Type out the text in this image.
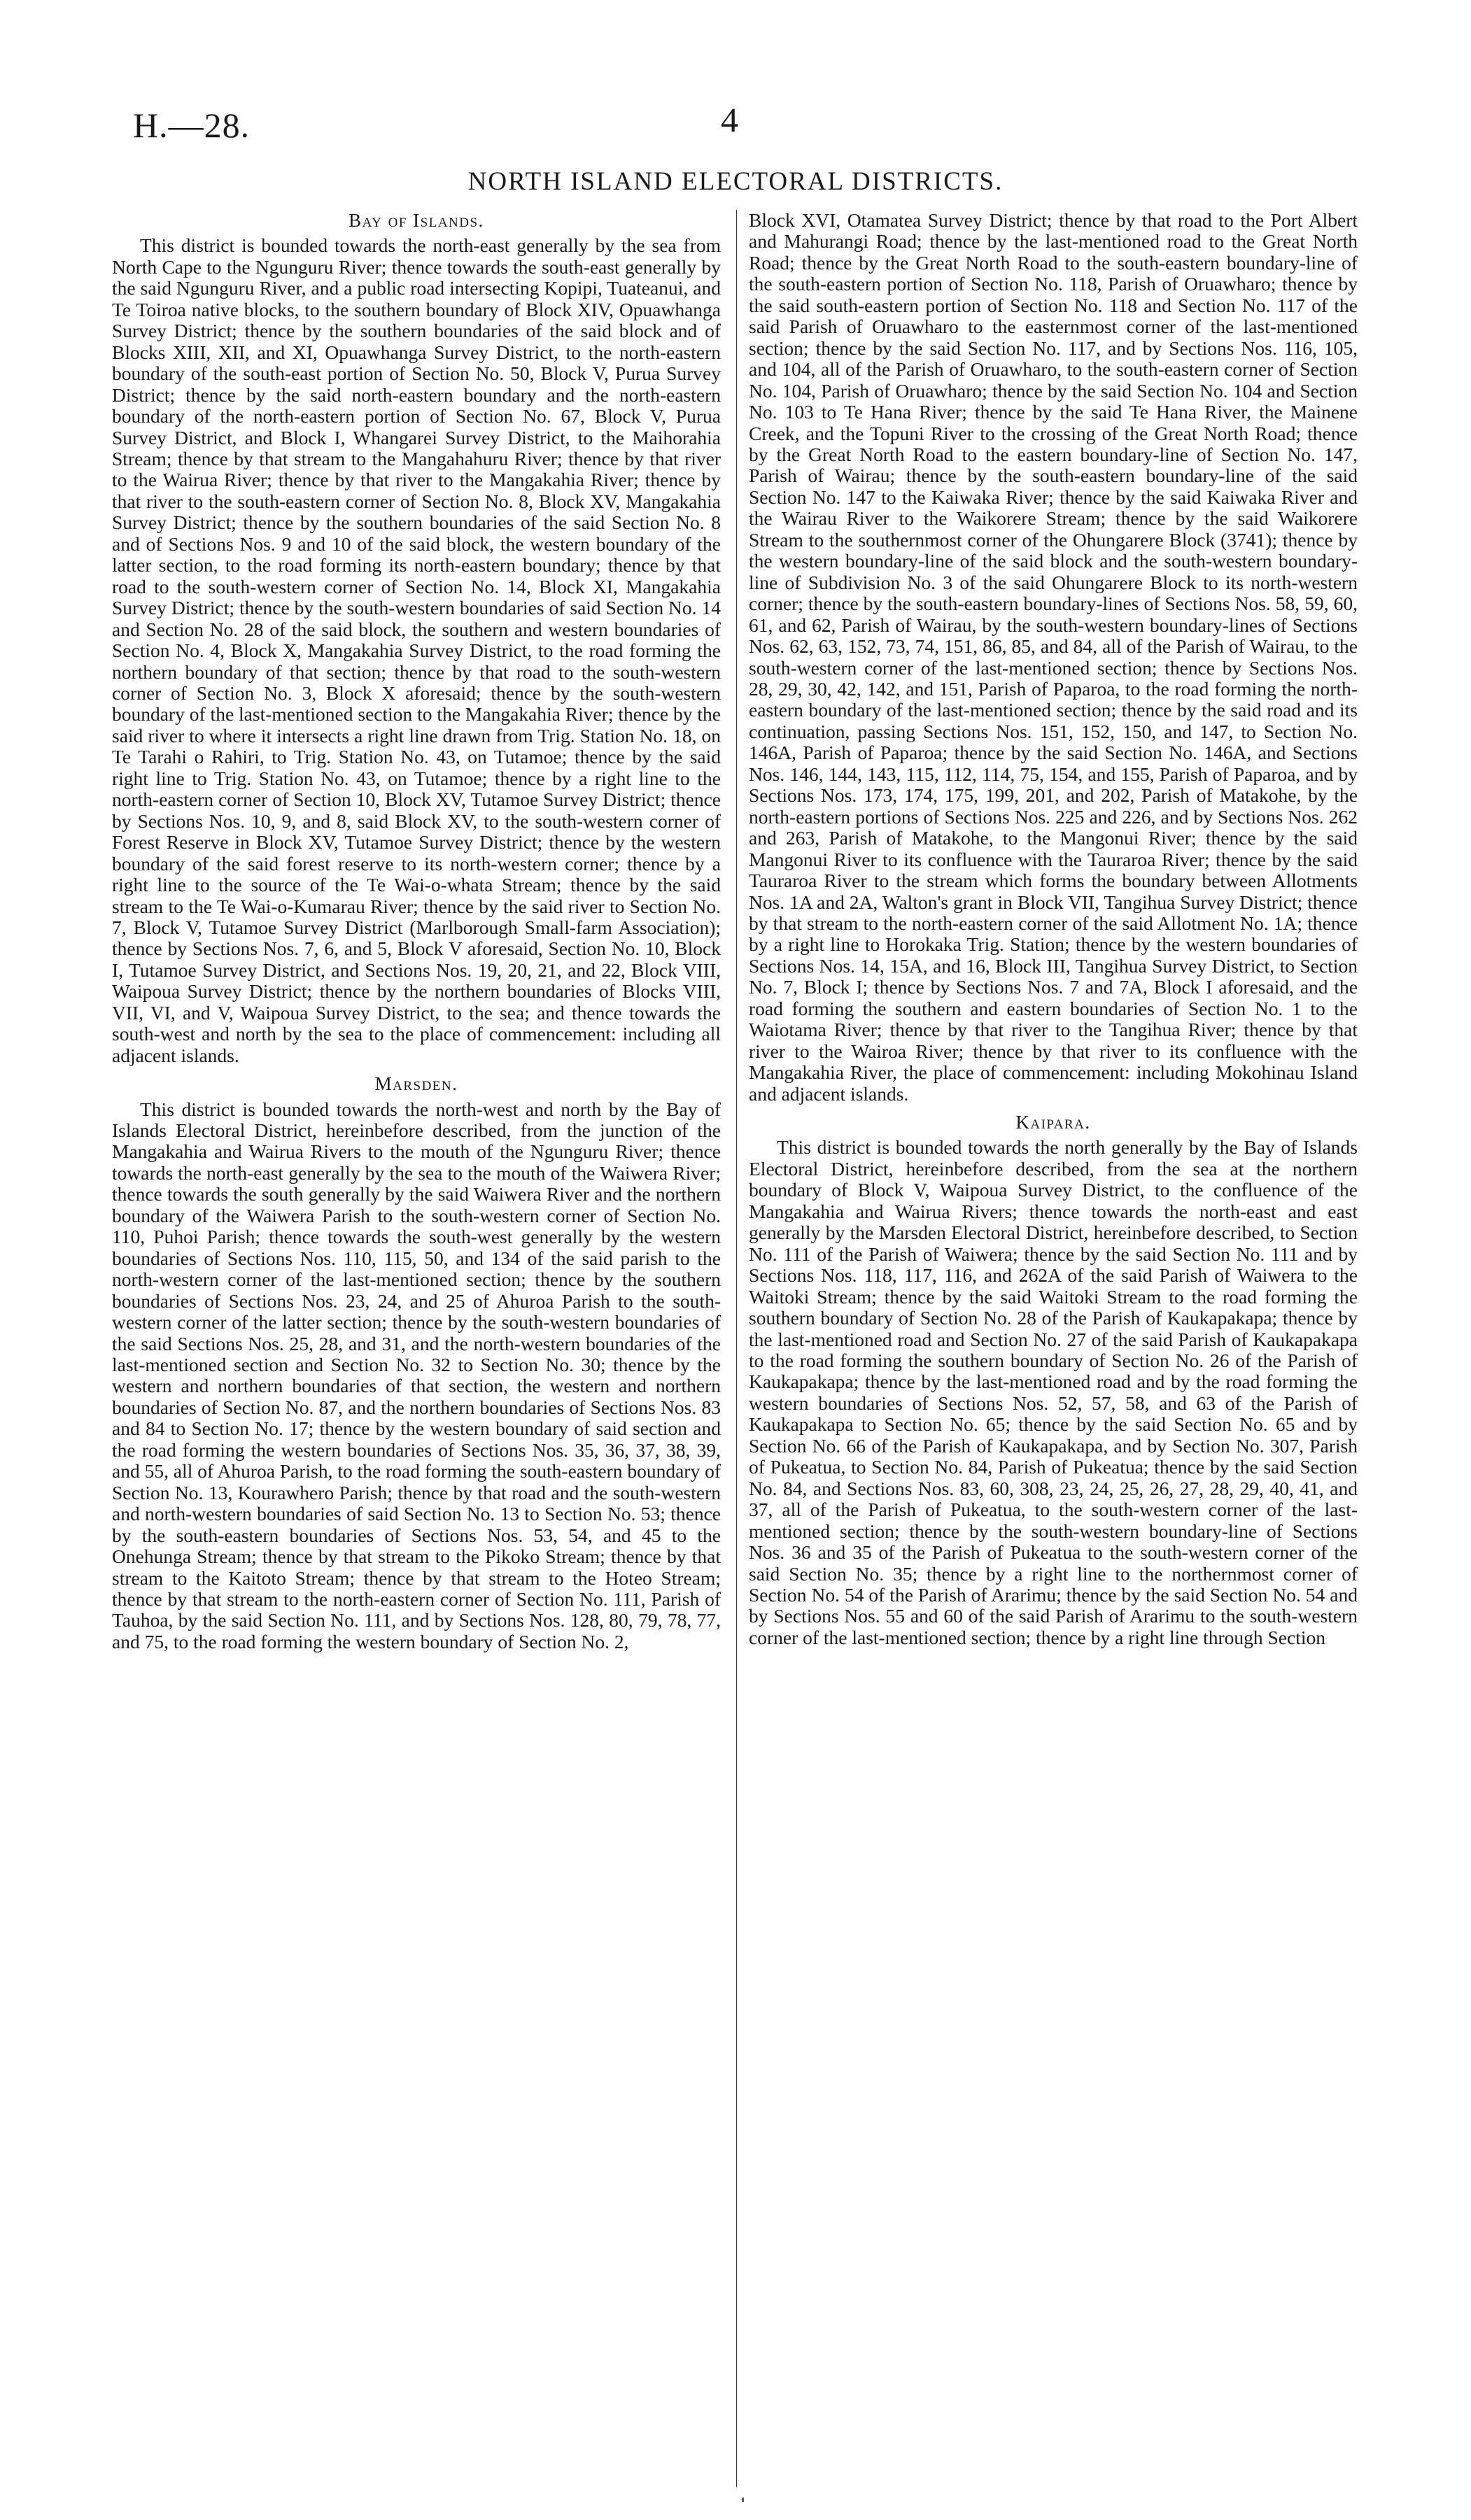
H.—28.	4
NORTH ISLAND ELECTORAL DISTRICTS.
Bay of Islands.

This district is bounded towards the north-east generally by the sea from North Cape to the Ngunguru River; thence towards the south-east generally by the said Ngunguru River, and a public road intersecting Kopipi, Tuateanui, and Te Toiroa native blocks, to the southern boundary of Block XIV, Opuawhanga Survey District; thence by the southern boundaries of the said block and of Blocks XIII, XII, and XI, Opuawhanga Survey District, to the north-eastern boundary of the south-east portion of Section No. 50, Block V, Purua Survey District; thence by the said north-eastern boundary and the north-eastern boundary of the north-eastern portion of Section No. 67, Block V, Purua Survey District, and Block I, Whangarei Survey District, to the Maihorahia Stream; thence by that stream to the Mangahahuru River; thence by that river to the Wairua River; thence by that river to the Mangakahia River; thence by that river to the south-eastern corner of Section No. 8, Block XV, Mangakahia Survey District; thence by the southern boundaries of the said Section No. 8 and of Sections Nos. 9 and 10 of the said block, the western boundary of the latter section, to the road forming its north-eastern boundary; thence by that road to the south-western corner of Section No. 14, Block XI, Mangakahia Survey District; thence by the south-western boundaries of said Section No. 14 and Section No. 28 of the said block, the southern and western boundaries of Section No. 4, Block X, Mangakahia Survey District, to the road forming the northern boundary of that section; thence by that road to the south-western corner of Section No. 3, Block X aforesaid; thence by the south-western boundary of the last-mentioned section to the Mangakahia River; thence by the said river to where it intersects a right line drawn from Trig. Station No. 18, on Te Tarahi o Rahiri, to Trig. Station No. 43, on Tutamoe; thence by the said right line to Trig. Station No. 43, on Tutamoe; thence by a right line to the north-eastern corner of Section 10, Block XV, Tutamoe Survey District; thence by Sections Nos. 10, 9, and 8, said Block XV, to the south-western corner of Forest Reserve in Block XV, Tutamoe Survey District; thence by the western boundary of the said forest reserve to its north-western corner; thence by a right line to the source of the Te Wai-o-whata Stream; thence by the said stream to the Te Wai-o-Kumarau River; thence by the said river to Section No. 7, Block V, Tutamoe Survey District (Marlborough Small-farm Association); thence by Sections Nos. 7, 6, and 5, Block V aforesaid, Section No. 10, Block I, Tutamoe Survey District, and Sections Nos. 19, 20, 21, and 22, Block VIII, Waipoua Survey District; thence by the northern boundaries of Blocks VIII, VII, VI, and V, Waipoua Survey District, to the sea; and thence towards the south-west and north by the sea to the place of commencement: including all adjacent islands.

Marsden.

This district is bounded towards the north-west and north by the Bay of Islands Electoral District, hereinbefore described, from the junction of the Mangakahia and Wairua Rivers to the mouth of the Ngunguru River; thence towards the north-east generally by the sea to the mouth of the Waiwera River; thence towards the south generally by the said Waiwera River and the northern boundary of the Waiwera Parish to the south-western corner of Section No. 110, Puhoi Parish; thence towards the south-west generally by the western boundaries of Sections Nos. 110, 115, 50, and 134 of the said parish to the north-western corner of the last-mentioned section; thence by the southern boundaries of Sections Nos. 23, 24, and 25 of Ahuroa Parish to the south-western corner of the latter section; thence by the south-western boundaries of the said Sections Nos. 25, 28, and 31, and the north-western boundaries of the last-mentioned section and Section No. 32 to Section No. 30; thence by the western and northern boundaries of that section, the western and northern boundaries of Section No. 87, and the northern boundaries of Sections Nos. 83 and 84 to Section No. 17; thence by the western boundary of said section and the road forming the western boundaries of Sections Nos. 35, 36, 37, 38, 39, and 55, all of Ahuroa Parish, to the road forming the south-eastern boundary of Section No. 13, Kourawhero Parish; thence by that road and the south-western and north-western boundaries of said Section No. 13 to Section No. 53; thence by the south-eastern boundaries of Sections Nos. 53, 54, and 45 to the Onehunga Stream; thence by that stream to the Pikoko Stream; thence by that stream to the Kaitoto Stream; thence by that stream to the Hoteo Stream; thence by that stream to the north-eastern corner of Section No. 111, Parish of Tauhoa, by the said Section No. 111, and by Sections Nos. 128, 80, 79, 78, 77, and 75, to the road forming the western boundary of Section No. 2,

Block XVI, Otamatea Survey District; thence by that road to the Port Albert and Mahurangi Road; thence by the last-mentioned road to the Great North Road; thence by the Great North Road to the south-eastern boundary-line of the south-eastern portion of Section No. 118, Parish of Oruawharo; thence by the said south-eastern portion of Section No. 118 and Section No. 117 of the said Parish of Oruawharo to the easternmost corner of the last-mentioned section; thence by the said Section No. 117, and by Sections Nos. 116, 105, and 104, all of the Parish of Oruawharo, to the south-eastern corner of Section No. 104, Parish of Oruawharo; thence by the said Section No. 104 and Section No. 103 to Te Hana River; thence by the said Te Hana River, the Mainene Creek, and the Topuni River to the crossing of the Great North Road; thence by the Great North Road to the eastern boundary-line of Section No. 147, Parish of Wairau; thence by the south-eastern boundary-line of the said Section No. 147 to the Kaiwaka River; thence by the said Kaiwaka River and the Wairau River to the Waikorere Stream; thence by the said Waikorere Stream to the southernmost corner of the Ohungarere Block (3741); thence by the western boundary-line of the said block and the south-western boundary-line of Subdivision No. 3 of the said Ohungarere Block to its north-western corner; thence by the south-eastern boundary-lines of Sections Nos. 58, 59, 60, 61, and 62, Parish of Wairau, by the south-western boundary-lines of Sections Nos. 62, 63, 152, 73, 74, 151, 86, 85, and 84, all of the Parish of Wairau, to the south-western corner of the last-mentioned section; thence by Sections Nos. 28, 29, 30, 42, 142, and 151, Parish of Paparoa, to the road forming the north-eastern boundary of the last-mentioned section; thence by the said road and its continuation, passing Sections Nos. 151, 152, 150, and 147, to Section No. 146A, Parish of Paparoa; thence by the said Section No. 146A, and Sections Nos. 146, 144, 143, 115, 112, 114, 75, 154, and 155, Parish of Paparoa, and by Sections Nos. 173, 174, 175, 199, 201, and 202, Parish of Matakohe, by the north-eastern portions of Sections Nos. 225 and 226, and by Sections Nos. 262 and 263, Parish of Matakohe, to the Mangonui River; thence by the said Mangonui River to its confluence with the Tauraroa River; thence by the said Tauraroa River to the stream which forms the boundary between Allotments Nos. 1A and 2A, Walton's grant in Block VII, Tangihua Survey District; thence by that stream to the north-eastern corner of the said Allotment No. 1A; thence by a right line to Horokaka Trig. Station; thence by the western boundaries of Sections Nos. 14, 15A, and 16, Block III, Tangihua Survey District, to Section No. 7, Block I; thence by Sections Nos. 7 and 7A, Block I aforesaid, and the road forming the southern and eastern boundaries of Section No. 1 to the Waiotama River; thence by that river to the Tangihua River; thence by that river to the Wairoa River; thence by that river to its confluence with the Mangakahia River, the place of commencement: including Mokohinau Island and adjacent islands.

Kaipara.

This district is bounded towards the north generally by the Bay of Islands Electoral District, hereinbefore described, from the sea at the northern boundary of Block V, Waipoua Survey District, to the confluence of the Mangakahia and Wairua Rivers; thence towards the north-east and east generally by the Marsden Electoral District, hereinbefore described, to Section No. 111 of the Parish of Waiwera; thence by the said Section No. 111 and by Sections Nos. 118, 117, 116, and 262A of the said Parish of Waiwera to the Waitoki Stream; thence by the said Waitoki Stream to the road forming the southern boundary of Section No. 28 of the Parish of Kaukapakapa; thence by the last-mentioned road and Section No. 27 of the said Parish of Kaukapakapa to the road forming the southern boundary of Section No. 26 of the Parish of Kaukapakapa; thence by the last-mentioned road and by the road forming the western boundaries of Sections Nos. 52, 57, 58, and 63 of the Parish of Kaukapakapa to Section No. 65; thence by the said Section No. 65 and by Section No. 66 of the Parish of Kaukapakapa, and by Section No. 307, Parish of Pukeatua, to Section No. 84, Parish of Pukeatua; thence by the said Section No. 84, and Sections Nos. 83, 60, 308, 23, 24, 25, 26, 27, 28, 29, 40, 41, and 37, all of the Parish of Pukeatua, to the south-western corner of the last-mentioned section; thence by the south-western boundary-line of Sections Nos. 36 and 35 of the Parish of Pukeatua to the south-western corner of the said Section No. 35; thence by a right line to the northernmost corner of Section No. 54 of the Parish of Ararimu; thence by the said Section No. 54 and by Sections Nos. 55 and 60 of the said Parish of Ararimu to the south-western corner of the last-mentioned section; thence by a right line through Section
